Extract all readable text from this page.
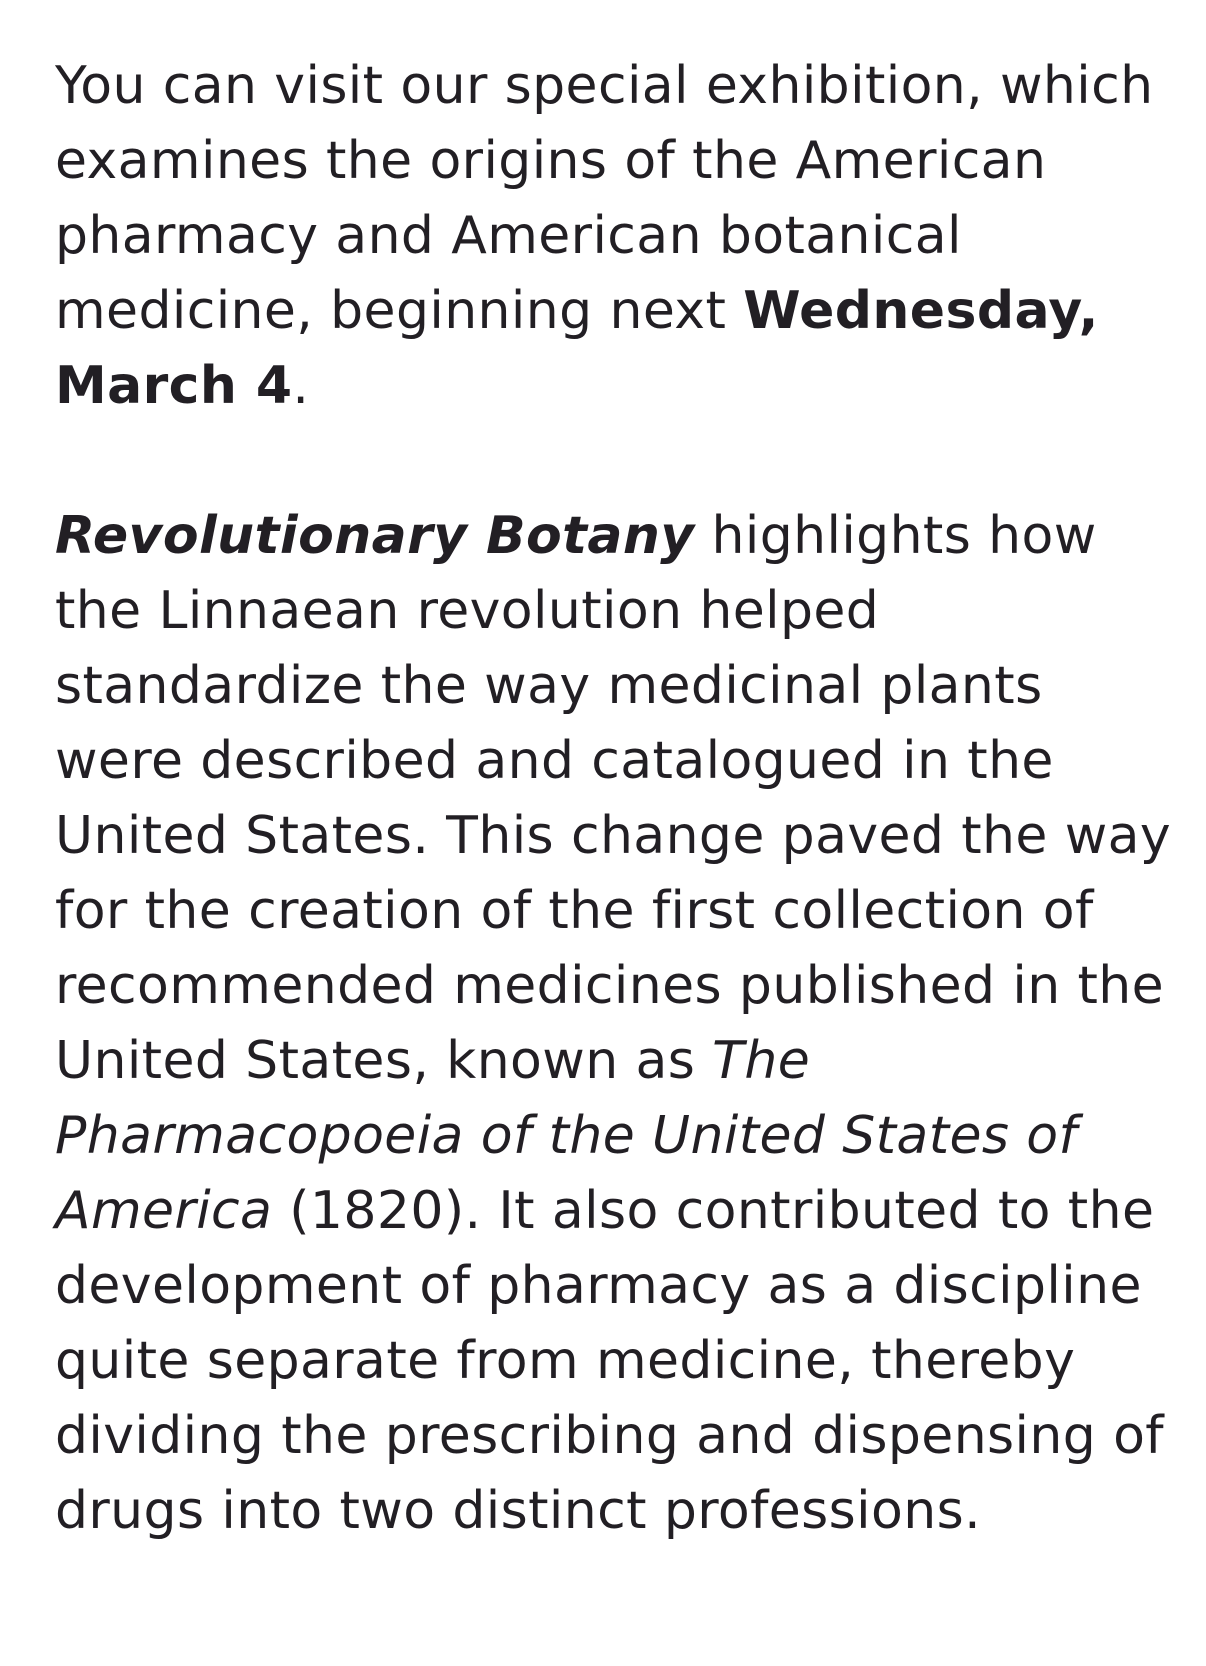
You can visit our special exhibition, which examines the origins of the American pharmacy and American botanical medicine, beginning next Wednesday, March 4.

Revolutionary Botany highlights how the Linnaean revolution helped standardize the way medicinal plants were described and catalogued in the United States. This change paved the way for the creation of the first collection of recommended medicines published in the United States, known as The Pharmacopoeia of the United States of America (1820). It also contributed to the development of pharmacy as a discipline quite separate from medicine, thereby dividing the prescribing and dispensing of drugs into two distinct professions.
